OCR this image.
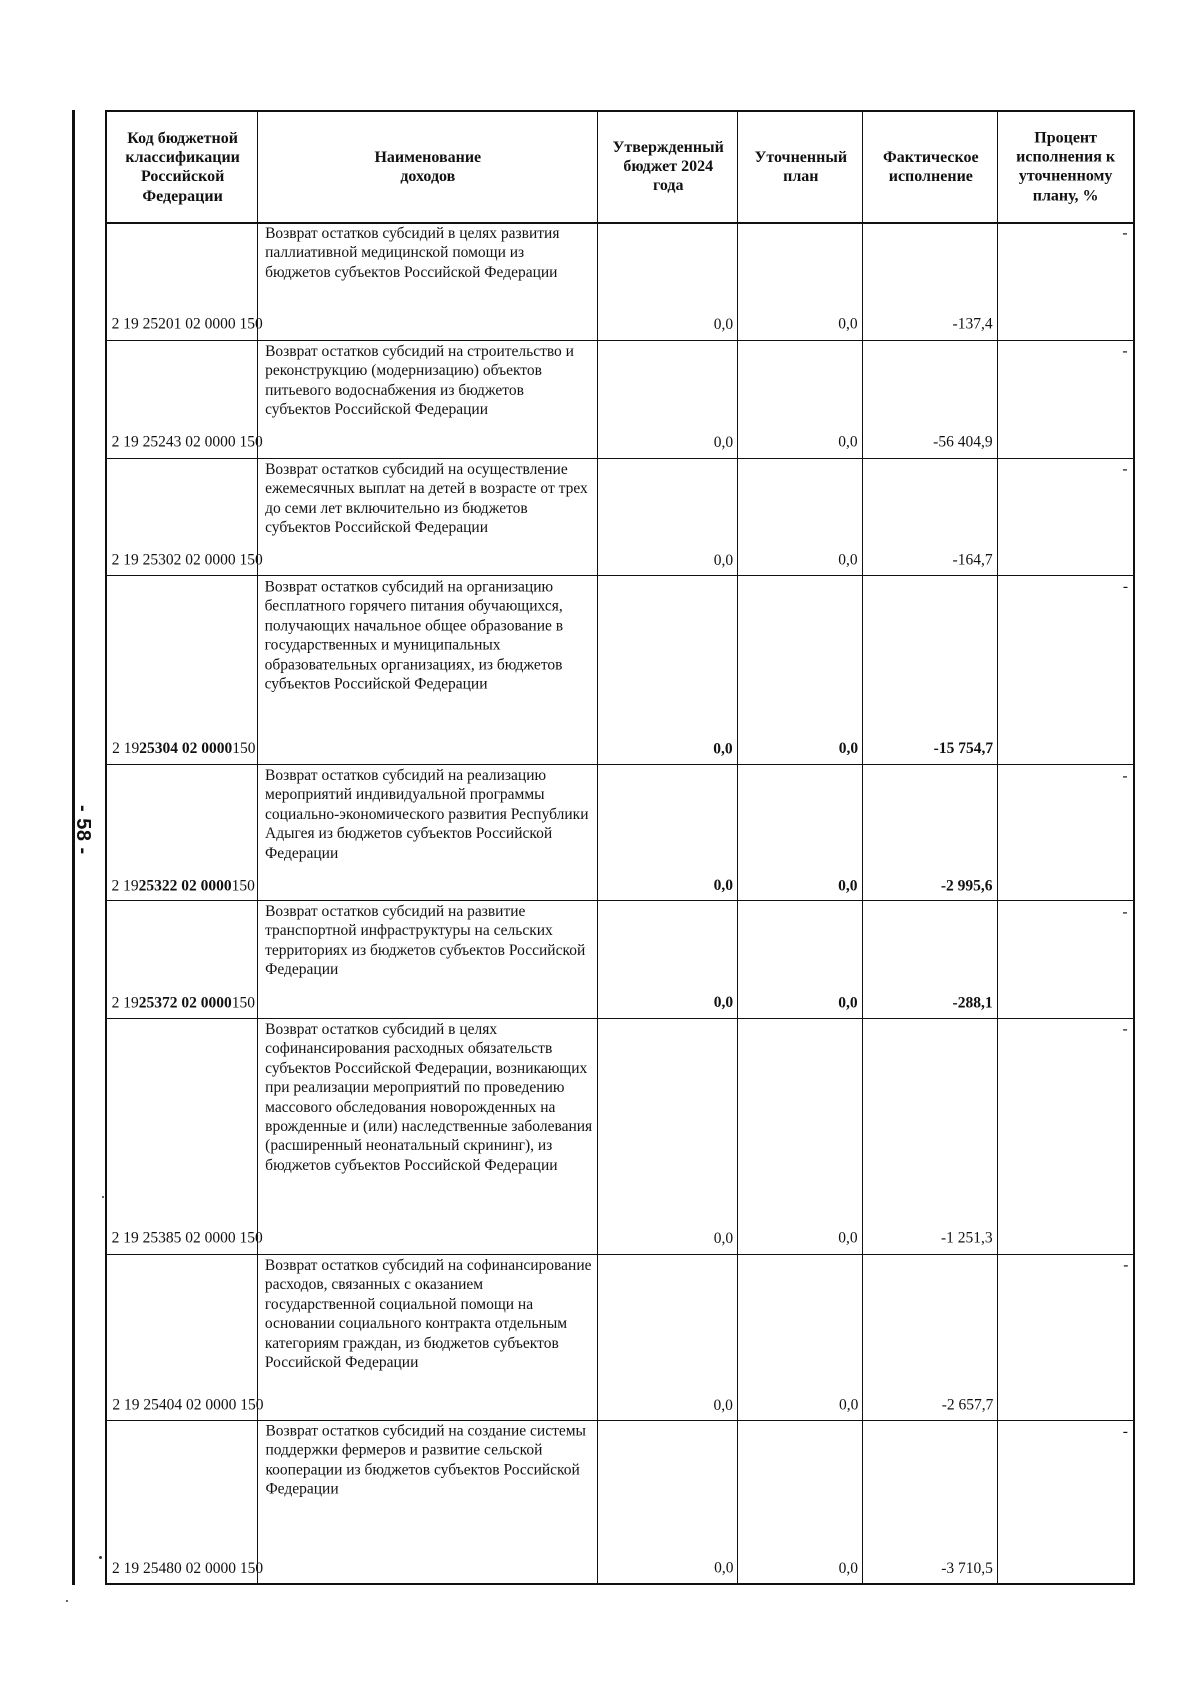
- 58 -
Процент исполнения к уточненному плану, %
Фактическое исполнение
Уточненный план
Утвержденный бюджет 2024 года
Наименование доходов
Код бюджетной классификации Российской Федерации
-
-137,4
0,0
0,0
Возврат остатков субсидий в целях развития паллиативной медицинской помощи из бюджетов субъектов Российской Федерации
2 19 25201 02 0000 150
-
-56 404,9
0,0
0,0
Возврат остатков субсидий на строительство и реконструкцию (модернизацию) объектов питьевого водоснабжения из бюджетов субъектов Российской Федерации
2 19 25243 02 0000 150
-
-164,7
0,0
0,0
Возврат остатков субсидий на осуществление ежемесячных выплат на детей в возрасте от трех до семи лет включительно из бюджетов субъектов Российской Федерации
2 19 25302 02 0000 150
-
-15 754,7
0,0
0,0
Возврат остатков субсидий на организацию бесплатного горячего питания обучающихся, получающих начальное общее образование в государственных и муниципальных образовательных организациях, из бюджетов субъектов Российской Федерации
2 19 25304 02 0000 150
-
-2 995,6
0,0
0,0
Возврат остатков субсидий на реализацию мероприятий индивидуальной программы социально-экономического развития Республики Адыгея из бюджетов субъектов Российской Федерации
2 19 25322 02 0000 150
-
-288,1
0,0
0,0
Возврат остатков субсидий на развитие транспортной инфраструктуры на сельских территориях из бюджетов субъектов Российской Федерации
2 19 25372 02 0000 150
-
-1 251,3
0,0
0,0
Возврат остатков субсидий в целях софинансирования расходных обязательств субъектов Российской Федерации, возникающих при реализации мероприятий по проведению массового обследования новорожденных на врожденные и (или) наследственные заболевания (расширенный неонатальный скрининг), из бюджетов субъектов Российской Федерации
2 19 25385 02 0000 150
-
-2 657,7
0,0
0,0
Возврат остатков субсидий на софинансирование расходов, связанных с оказанием государственной социальной помощи на основании социального контракта отдельным категориям граждан, из бюджетов субъектов Российской Федерации
2 19 25404 02 0000 150
-
-3 710,5
0,0
0,0
Возврат остатков субсидий на создание системы поддержки фермеров и развитие сельской кооперации из бюджетов субъектов Российской Федерации
2 19 25480 02 0000 150
